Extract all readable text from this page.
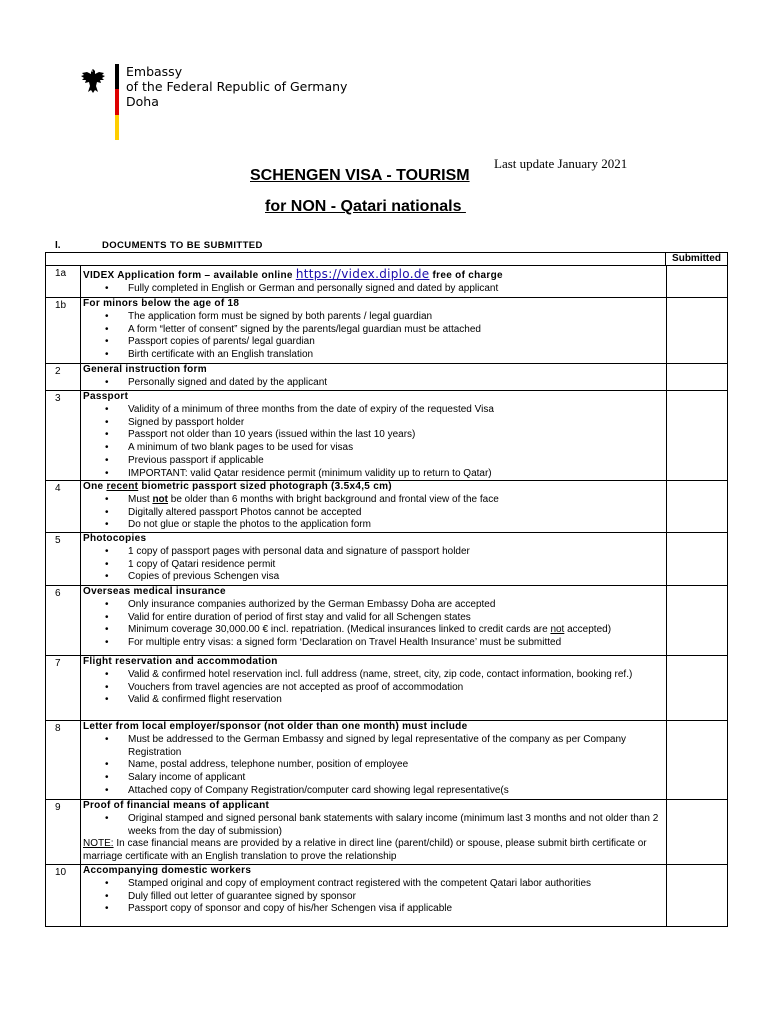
Embassy
of the Federal Republic of Germany
Doha
Last update January 2021
SCHENGEN VISA - TOURISM
for NON - Qatari nationals
I.	DOCUMENTS TO BE SUBMITTED
Submitted
1a	VIDEX Application form – available online https://videx.diplo.de free of charge
• Fully completed in English or German and personally signed and dated by applicant
1b	For minors below the age of 18
• The application form must be signed by both parents / legal guardian
• A form “letter of consent” signed by the parents/legal guardian must be attached
• Passport copies of parents/ legal guardian
• Birth certificate with an English translation
2	General instruction form
• Personally signed and dated by the applicant
3	Passport
• Validity of a minimum of three months from the date of expiry of the requested Visa
• Signed by passport holder
• Passport not older than 10 years (issued within the last 10 years)
• A minimum of two blank pages to be used for visas
• Previous passport if applicable
• IMPORTANT: valid Qatar residence permit (minimum validity up to return to Qatar)
4	One recent biometric passport sized photograph (3.5x4,5 cm)
• Must not be older than 6 months with bright background and frontal view of the face
• Digitally altered passport Photos cannot be accepted
• Do not glue or staple the photos to the application form
5	Photocopies
• 1 copy of passport pages with personal data and signature of passport holder
• 1 copy of Qatari residence permit
• Copies of previous Schengen visa
6	Overseas medical insurance
• Only insurance companies authorized by the German Embassy Doha are accepted
• Valid for entire duration of period of first stay and valid for all Schengen states
• Minimum coverage 30,000.00 € incl. repatriation. (Medical insurances linked to credit cards are not accepted)
• For multiple entry visas: a signed form ‘Declaration on Travel Health Insurance’ must be submitted
7	Flight reservation and accommodation
• Valid & confirmed hotel reservation incl. full address (name, street, city, zip code, contact information, booking ref.)
• Vouchers from travel agencies are not accepted as proof of accommodation
• Valid & confirmed flight reservation
8	Letter from local employer/sponsor (not older than one month) must include
• Must be addressed to the German Embassy and signed by legal representative of the company as per Company Registration
• Name, postal address, telephone number, position of employee
• Salary income of applicant
• Attached copy of Company Registration/computer card showing legal representative(s
9	Proof of financial means of applicant
• Original stamped and signed personal bank statements with salary income (minimum last 3 months and not older than 2 weeks from the day of submission)
NOTE: In case financial means are provided by a relative in direct line (parent/child) or spouse, please submit birth certificate or marriage certificate with an English translation to prove the relationship
10	Accompanying domestic workers
• Stamped original and copy of employment contract registered with the competent Qatari labor authorities
• Duly filled out letter of guarantee signed by sponsor
• Passport copy of sponsor and copy of his/her Schengen visa if applicable
